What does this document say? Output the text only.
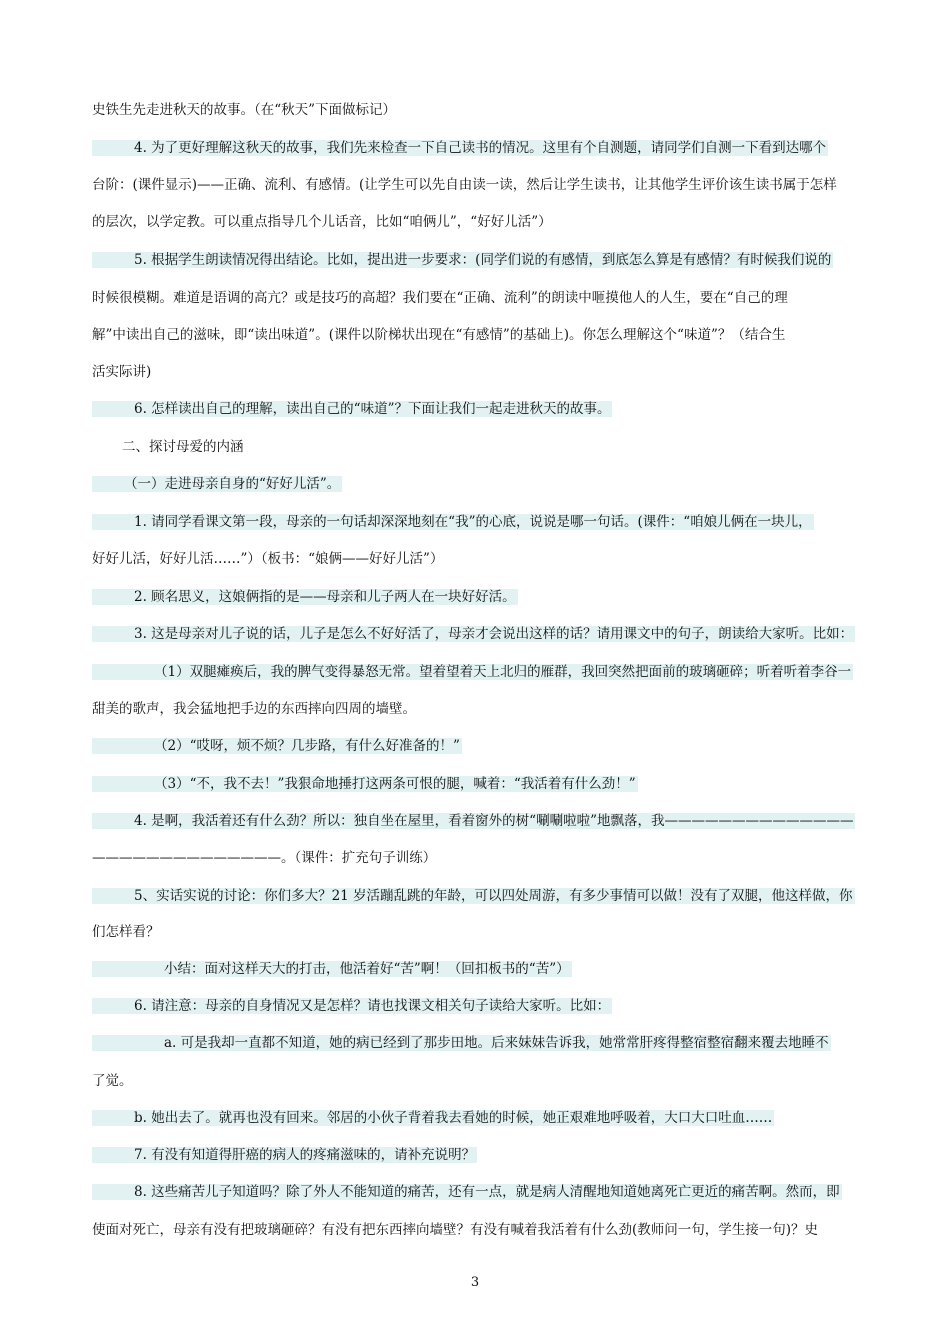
史铁生先走进秋天的故事。（在“秋天”下面做标记）
4. 为了更好理解这秋天的故事，我们先来检查一下自己读书的情况。这里有个自测题，请同学们自测一下看到达哪个
台阶：(课件显示)——正确、流利、有感情。(让学生可以先自由读一读，然后让学生读书，让其他学生评价该生读书属于怎样
的层次，以学定教。可以重点指导几个儿话音，比如“咱俩儿”，“好好儿活”）
5. 根据学生朗读情况得出结论。比如，提出进一步要求：(同学们说的有感情，到底怎么算是有感情？有时候我们说的
时候很模糊。难道是语调的高亢？或是技巧的高超？我们要在“正确、流利”的朗读中咂摸他人的人生，要在“自己的理
解”中读出自己的滋味，即“读出味道”。(课件以阶梯状出现在“有感情”的基础上)。你怎么理解这个“味道”？（结合生
活实际讲)
6. 怎样读出自己的理解，读出自己的“味道”？下面让我们一起走进秋天的故事。
二、探讨母爱的内涵
（一）走进母亲自身的“好好儿活”。
1. 请同学看课文第一段，母亲的一句话却深深地刻在“我”的心底，说说是哪一句话。(课件：“咱娘儿俩在一块儿，
好好儿活，好好儿活……”）（板书：“娘俩——好好儿活”）
2. 顾名思义，这娘俩指的是——母亲和儿子两人在一块好好活。
3. 这是母亲对儿子说的话，儿子是怎么不好好活了，母亲才会说出这样的话？请用课文中的句子，朗读给大家听。比如：
（1）双腿瘫痪后，我的脾气变得暴怒无常。望着望着天上北归的雁群，我回突然把面前的玻璃砸碎；听着听着李谷一
甜美的歌声，我会猛地把手边的东西摔向四周的墙壁。
（2）“哎呀，烦不烦？几步路，有什么好准备的！”
（3）“不，我不去！”我狠命地捶打这两条可恨的腿，喊着：“我活着有什么劲！”
4. 是啊，我活着还有什么劲？所以：独自坐在屋里，看着窗外的树“唰唰啦啦”地飘落，我——————————————
——————————————。（课件：扩充句子训练）
5、实话实说的讨论：你们多大？21 岁活蹦乱跳的年龄，可以四处周游，有多少事情可以做！没有了双腿，他这样做，你
们怎样看？
小结：面对这样天大的打击，他活着好“苦”啊！（回扣板书的“苦”）
6. 请注意：母亲的自身情况又是怎样？请也找课文相关句子读给大家听。比如：
a. 可是我却一直都不知道，她的病已经到了那步田地。后来妹妹告诉我，她常常肝疼得整宿整宿翻来覆去地睡不
了觉。
b. 她出去了。就再也没有回来。邻居的小伙子背着我去看她的时候，她正艰难地呼吸着，大口大口吐血……
7. 有没有知道得肝癌的病人的疼痛滋味的，请补充说明？
8. 这些痛苦儿子知道吗？除了外人不能知道的痛苦，还有一点，就是病人清醒地知道她离死亡更近的痛苦啊。然而，即
使面对死亡，母亲有没有把玻璃砸碎？有没有把东西摔向墙壁？有没有喊着我活着有什么劲(教师问一句，学生接一句)？史
3
